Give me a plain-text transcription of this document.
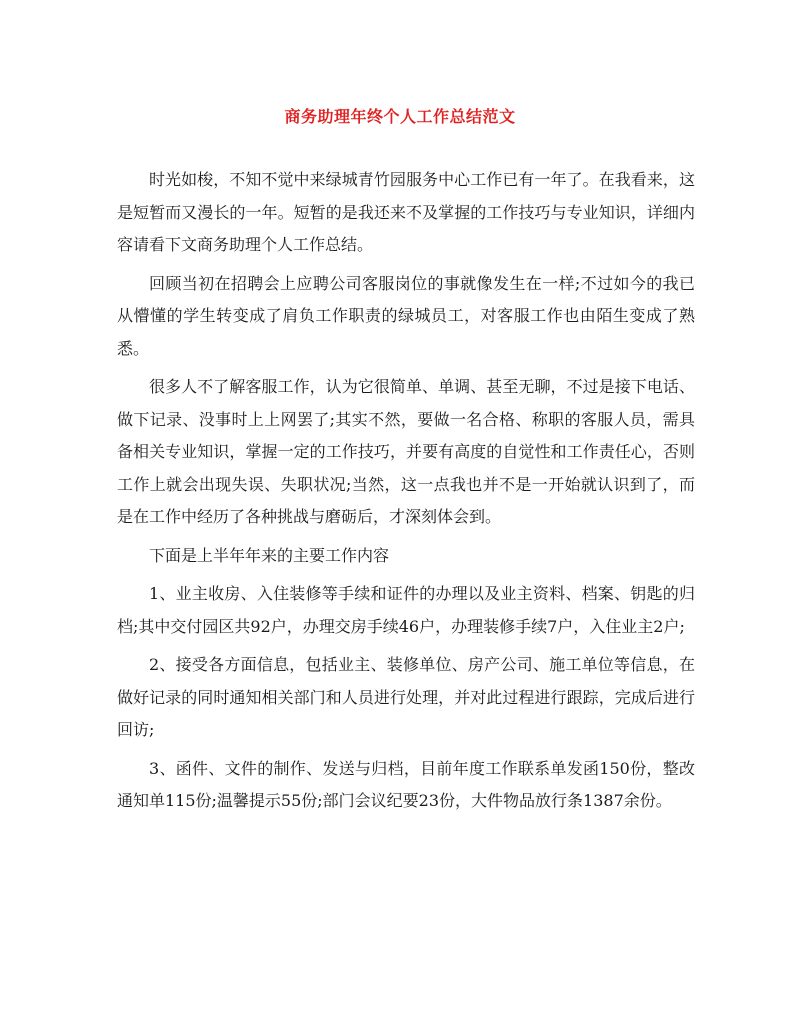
商务助理年终个人工作总结范文

时光如梭，不知不觉中来绿城青竹园服务中心工作已有一年了。在我看来，这是短暂而又漫长的一年。短暂的是我还来不及掌握的工作技巧与专业知识，详细内容请看下文商务助理个人工作总结。

回顾当初在招聘会上应聘公司客服岗位的事就像发生在一样;不过如今的我已从懵懂的学生转变成了肩负工作职责的绿城员工，对客服工作也由陌生变成了熟悉。

很多人不了解客服工作，认为它很简单、单调、甚至无聊，不过是接下电话、做下记录、没事时上上网罢了;其实不然，要做一名合格、称职的客服人员，需具备相关专业知识，掌握一定的工作技巧，并要有高度的自觉性和工作责任心，否则工作上就会出现失误、失职状况;当然，这一点我也并不是一开始就认识到了，而是在工作中经历了各种挑战与磨砺后，才深刻体会到。

下面是上半年年来的主要工作内容

1、业主收房、入住装修等手续和证件的办理以及业主资料、档案、钥匙的归档;其中交付园区共92户，办理交房手续46户，办理装修手续7户，入住业主2户;

2、接受各方面信息，包括业主、装修单位、房产公司、施工单位等信息，在做好记录的同时通知相关部门和人员进行处理，并对此过程进行跟踪，完成后进行回访;

3、函件、文件的制作、发送与归档，目前年度工作联系单发函150份，整改通知单115份;温馨提示55份;部门会议纪要23份，大件物品放行条1387余份。
